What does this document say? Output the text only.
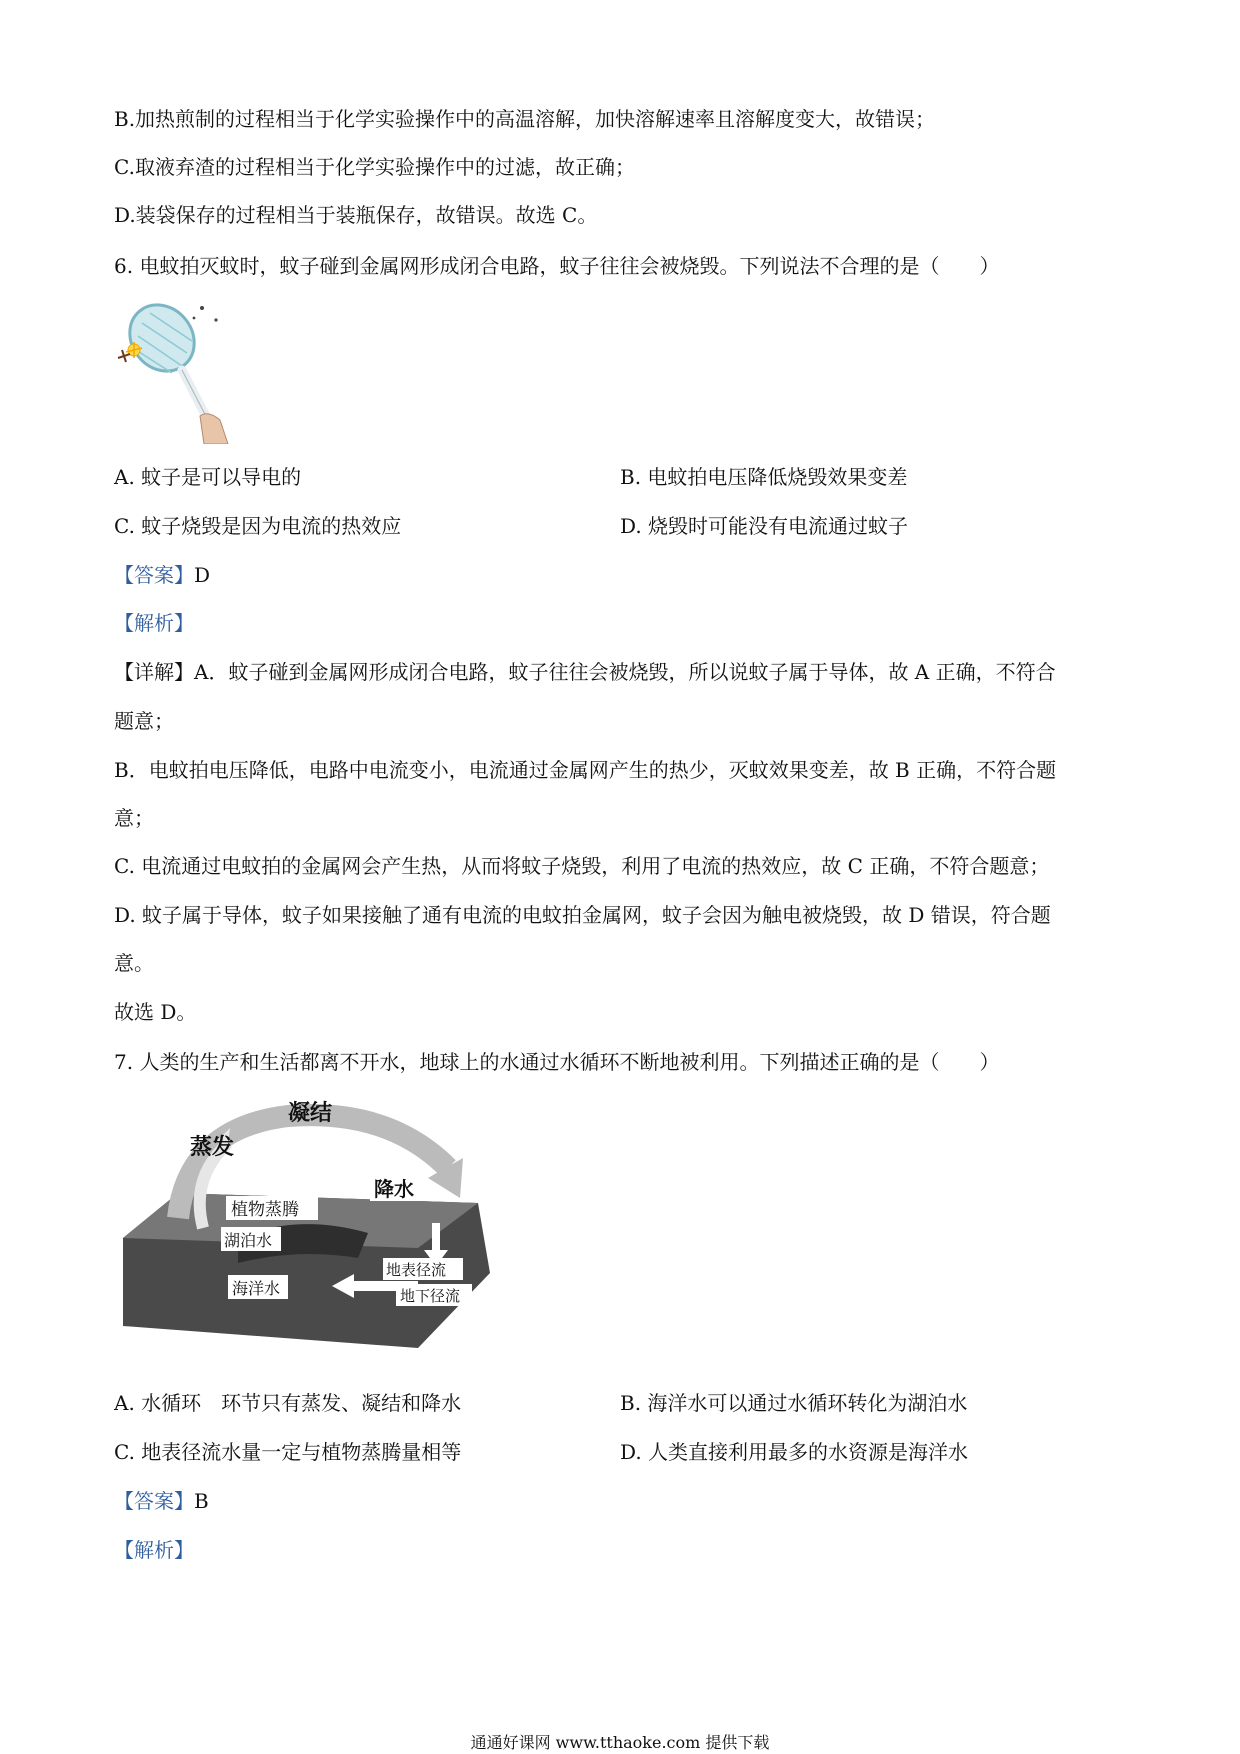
B.加热煎制的过程相当于化学实验操作中的高温溶解，加快溶解速率且溶解度变大，故错误；
C.取液弃渣的过程相当于化学实验操作中的过滤，故正确；
D.装袋保存的过程相当于装瓶保存，故错误。故选 C。
6. 电蚊拍灭蚊时，蚊子碰到金属网形成闭合电路，蚊子往往会被烧毁。下列说法不合理的是（　　）
A. 蚊子是可以导电的	B. 电蚊拍电压降低烧毁效果变差
C. 蚊子烧毁是因为电流的热效应	D. 烧毁时可能没有电流通过蚊子
【答案】D
【解析】
【详解】A．蚊子碰到金属网形成闭合电路，蚊子往往会被烧毁，所以说蚊子属于导体，故 A 正确，不符合
题意；
B．电蚊拍电压降低，电路中电流变小，电流通过金属网产生的热少，灭蚊效果变差，故 B 正确，不符合题
意；
C. 电流通过电蚊拍的金属网会产生热，从而将蚊子烧毁，利用了电流的热效应，故 C 正确，不符合题意；
D. 蚊子属于导体，蚊子如果接触了通有电流的电蚊拍金属网，蚊子会因为触电被烧毁，故 D 错误，符合题
意。
故选 D。
7. 人类的生产和生活都离不开水，地球上的水通过水循环不断地被利用。下列描述正确的是（　　）
凝结
蒸发
降水
植物蒸腾
湖泊水
海洋水
地表径流
地下径流
A. 水循环　环节只有蒸发、凝结和降水	B. 海洋水可以通过水循环转化为湖泊水
C. 地表径流水量一定与植物蒸腾量相等	D. 人类直接利用最多的水资源是海洋水
【答案】B
【解析】
通通好课网 www.tthaoke.com 提供下载
